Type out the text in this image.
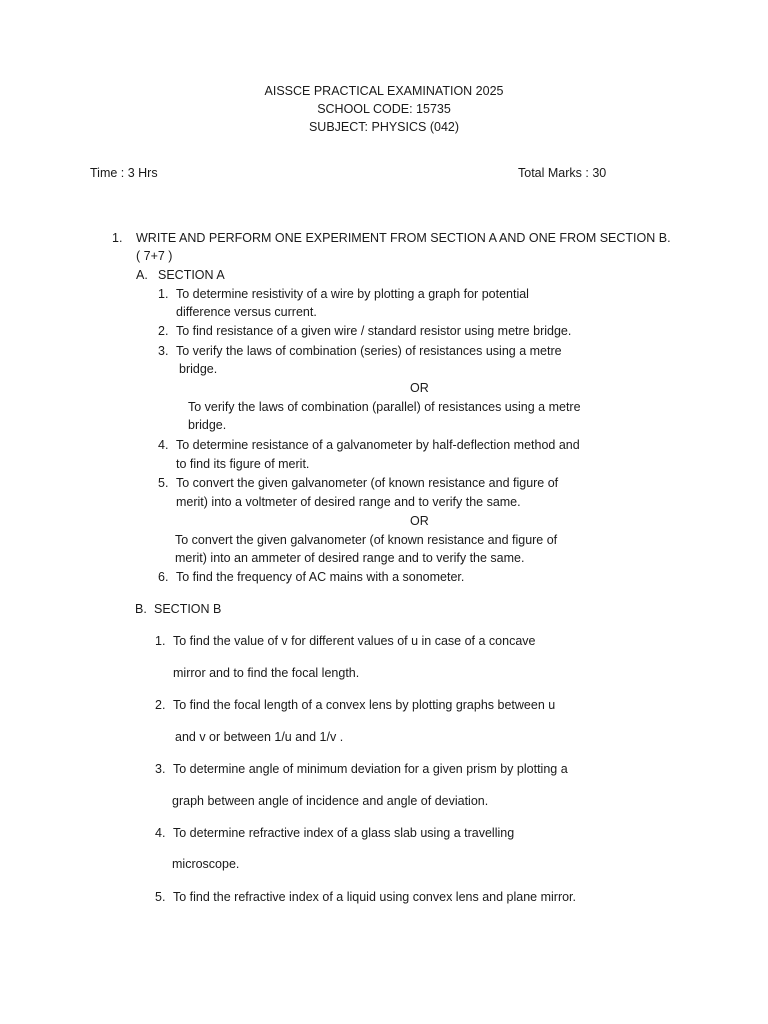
AISSCE PRACTICAL EXAMINATION 2025
SCHOOL CODE: 15735
SUBJECT: PHYSICS (042)
Time : 3 Hrs	Total Marks : 30
1. WRITE AND PERFORM ONE EXPERIMENT FROM SECTION A AND ONE FROM SECTION B.
( 7+7 )
A. SECTION A
1. To determine resistivity of a wire by plotting a graph for potential
difference versus current.
2. To find resistance of a given wire / standard resistor using metre bridge.
3. To verify the laws of combination (series) of resistances using a metre
bridge.
OR
To verify the laws of combination (parallel) of resistances using a metre
bridge.
4. To determine resistance of a galvanometer by half-deflection method and
to find its figure of merit.
5. To convert the given galvanometer (of known resistance and figure of
merit) into a voltmeter of desired range and to verify the same.
OR
To convert the given galvanometer (of known resistance and figure of
merit) into an ammeter of desired range and to verify the same.
6. To find the frequency of AC mains with a sonometer.
B. SECTION B
1. To find the value of v for different values of u in case of a concave
mirror and to find the focal length.
2. To find the focal length of a convex lens by plotting graphs between u
and v or between 1/u and 1/v .
3. To determine angle of minimum deviation for a given prism by plotting a
graph between angle of incidence and angle of deviation.
4. To determine refractive index of a glass slab using a travelling
microscope.
5. To find the refractive index of a liquid using convex lens and plane mirror.
